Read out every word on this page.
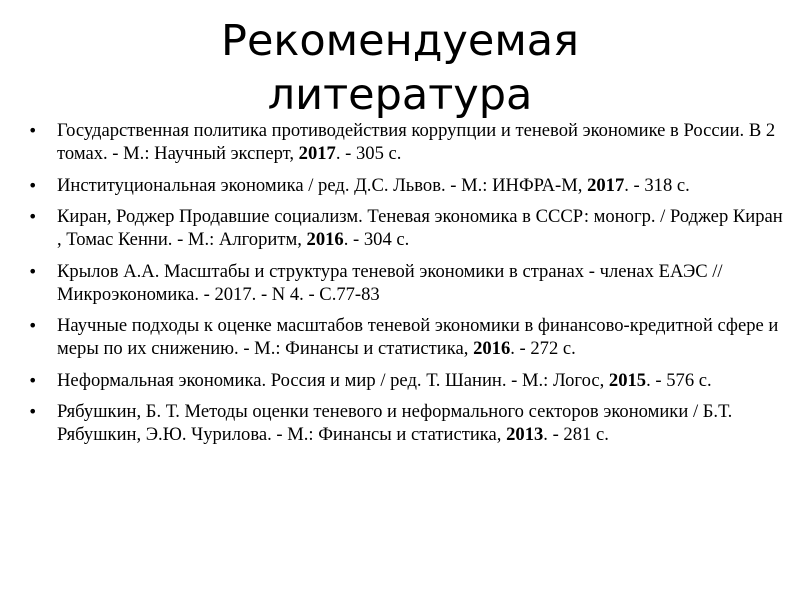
Рекомендуемая
литература
• Государственная политика противодействия коррупции и теневой экономике в России. В 2 томах. - М.: Научный эксперт, 2017. - 305 с.
• Институциональная экономика / ред. Д.С. Львов. - М.: ИНФРА-М, 2017. - 318 с.
• Киран, Роджер Продавшие социализм. Теневая экономика в СССР: моногр. / Роджер Киран , Томас Кенни. - М.: Алгоритм, 2016. - 304 с.
• Крылов А.А. Масштабы и структура теневой экономики в странах - членах ЕАЭС // Микроэкономика. - 2017. - N 4. - С.77-83
• Научные подходы к оценке масштабов теневой экономики в финансово-кредитной сфере и меры по их снижению. - М.: Финансы и статистика, 2016. - 272 с.
• Неформальная экономика. Россия и мир / ред. Т. Шанин. - М.: Логос, 2015. - 576 с.
• Рябушкин, Б. Т. Методы оценки теневого и неформального секторов экономики / Б.Т. Рябушкин, Э.Ю. Чурилова. - М.: Финансы и статистика, 2013. - 281 с.
